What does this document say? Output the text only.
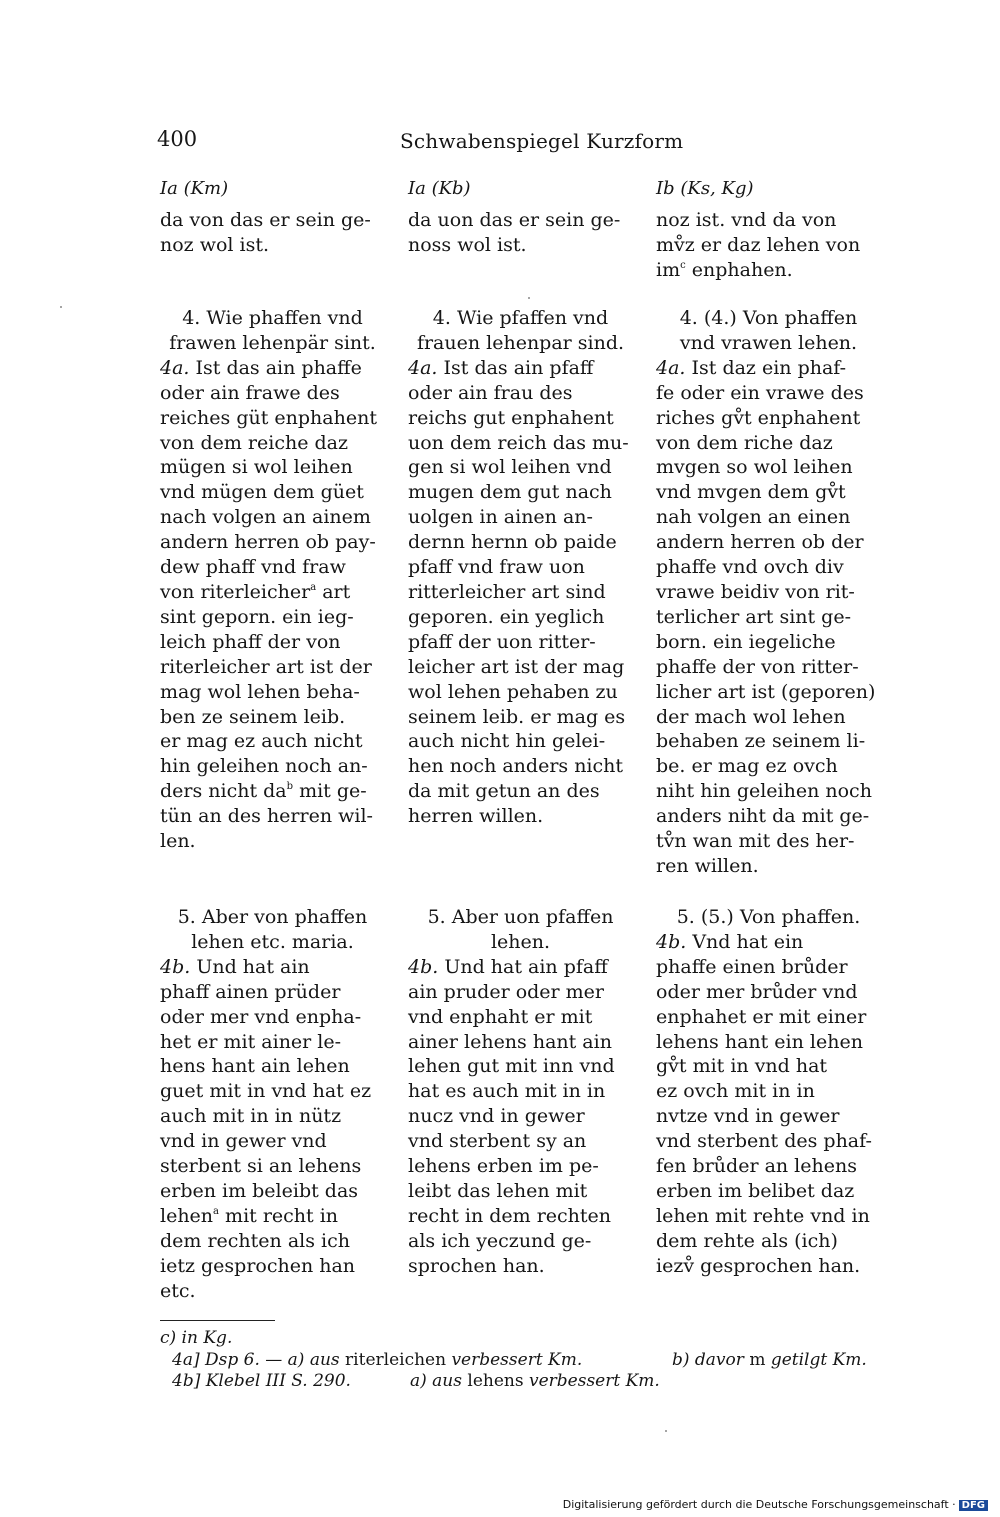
400	Schwabenspiegel Kurzform
Ia (Km)
da von das er sein ge-
noz wol ist.
4. Wie phaffen vnd
frawen lehenpär sint.
4a. Ist das ain phaffe
oder ain frawe des
reiches güt enphahent
von dem reiche daz
mügen si wol leihen
vnd mügen dem güet
nach volgen an ainem
andern herren ob pay-
dew phaff vnd fraw
von riterleicher$^a$ art
sint geporn. ein ieg-
leich phaff der von
riterleicher art ist der
mag wol lehen beha-
ben ze seinem leib.
er mag ez auch nicht
hin geleihen noch an-
ders nicht $da^b$ mit ge-
tün an des herren wil-
len.
5. Aber von phaffen
lehen etc. maria.
4b. Und hat ain
phaff ainen prüder
oder mer vnd enpha-
het er mit ainer le-
hens hant ain lehen
guet mit in vnd hat ez
auch mit in in nütz
vnd in gewer vnd
sterbent si an lehens
erben im beleibt das
lehen$^a$ mit recht in
dem rechten als ich
ietz gesprochen han
etc.
Ia (Kb)
da uon das er sein ge-
noss wol ist.
4. Wie pfaffen vnd
frauen lehenpar sind.
4a. Ist das ain pfaff
oder ain frau des
reichs gut enphahent
uon dem reich das mu-
gen si wol leihen vnd
mugen dem gut nach
uolgen in ainen an-
dernn hernn ob paide
pfaff vnd fraw uon
ritterleicher art sind
geporen. ein yeglich
pfaff der uon ritter-
leicher art ist der mag
wol lehen pehaben zu
seinem leib. er mag es
auch nicht hin gelei-
hen noch anders nicht
da mit getun an des
herren willen.
5. Aber uon pfaffen
lehen.
4b. Und hat ain pfaff
ain pruder oder mer
vnd enphaht er mit
ainer lehens hant ain
lehen gut mit inn vnd
hat es auch mit in in
nucz vnd in gewer
vnd sterbent sy an
lehens erben im pe-
leibt das lehen mit
recht in dem rechten
als ich yeczund ge-
sprochen han.
Ib (Ks, Kg)
noz ist. vnd da von
mv̊z er daz lehen von
$im^c$ enphahen.
4. (4.) Von phaffen
vnd vrawen lehen.
4a. Ist daz ein phaf-
fe oder ein vrawe des
riches gv̊t enphahent
von dem riche daz
mvgen so wol leihen
vnd mvgen dem gv̊t
nah volgen an einen
andern herren ob der
phaffe vnd ovch div
vrawe beidiv von rit-
terlicher art sint ge-
born. ein iegeliche
phaffe der von ritter-
licher art ist (geporen)
der mach wol lehen
behaben ze seinem li-
be. er mag ez ovch
niht hin geleihen noch
anders niht da mit ge-
tv̊n wan mit des her-
ren willen.
5. (5.) Von phaffen.
4b. Vnd hat ein
phaffe einen brůder
oder mer brůder vnd
enphahet er mit einer
lehens hant ein lehen
gv̊t mit in vnd hat
ez ovch mit in in
nvtze vnd in gewer
vnd sterbent des phaf-
fen brůder an lehens
erben im belibet daz
lehen mit rehte vnd in
dem rehte als (ich)
iezv̊ gesprochen han.
c) in Kg.
4a] Dsp 6. — a) aus riterleichen verbessert Km.	b) davor m getilgt Km.
4b] Klebel III S. 290.	a) aus lehens verbessert Km.
Digitalisierung gefördert durch die Deutsche Forschungsgemeinschaft · DFG
